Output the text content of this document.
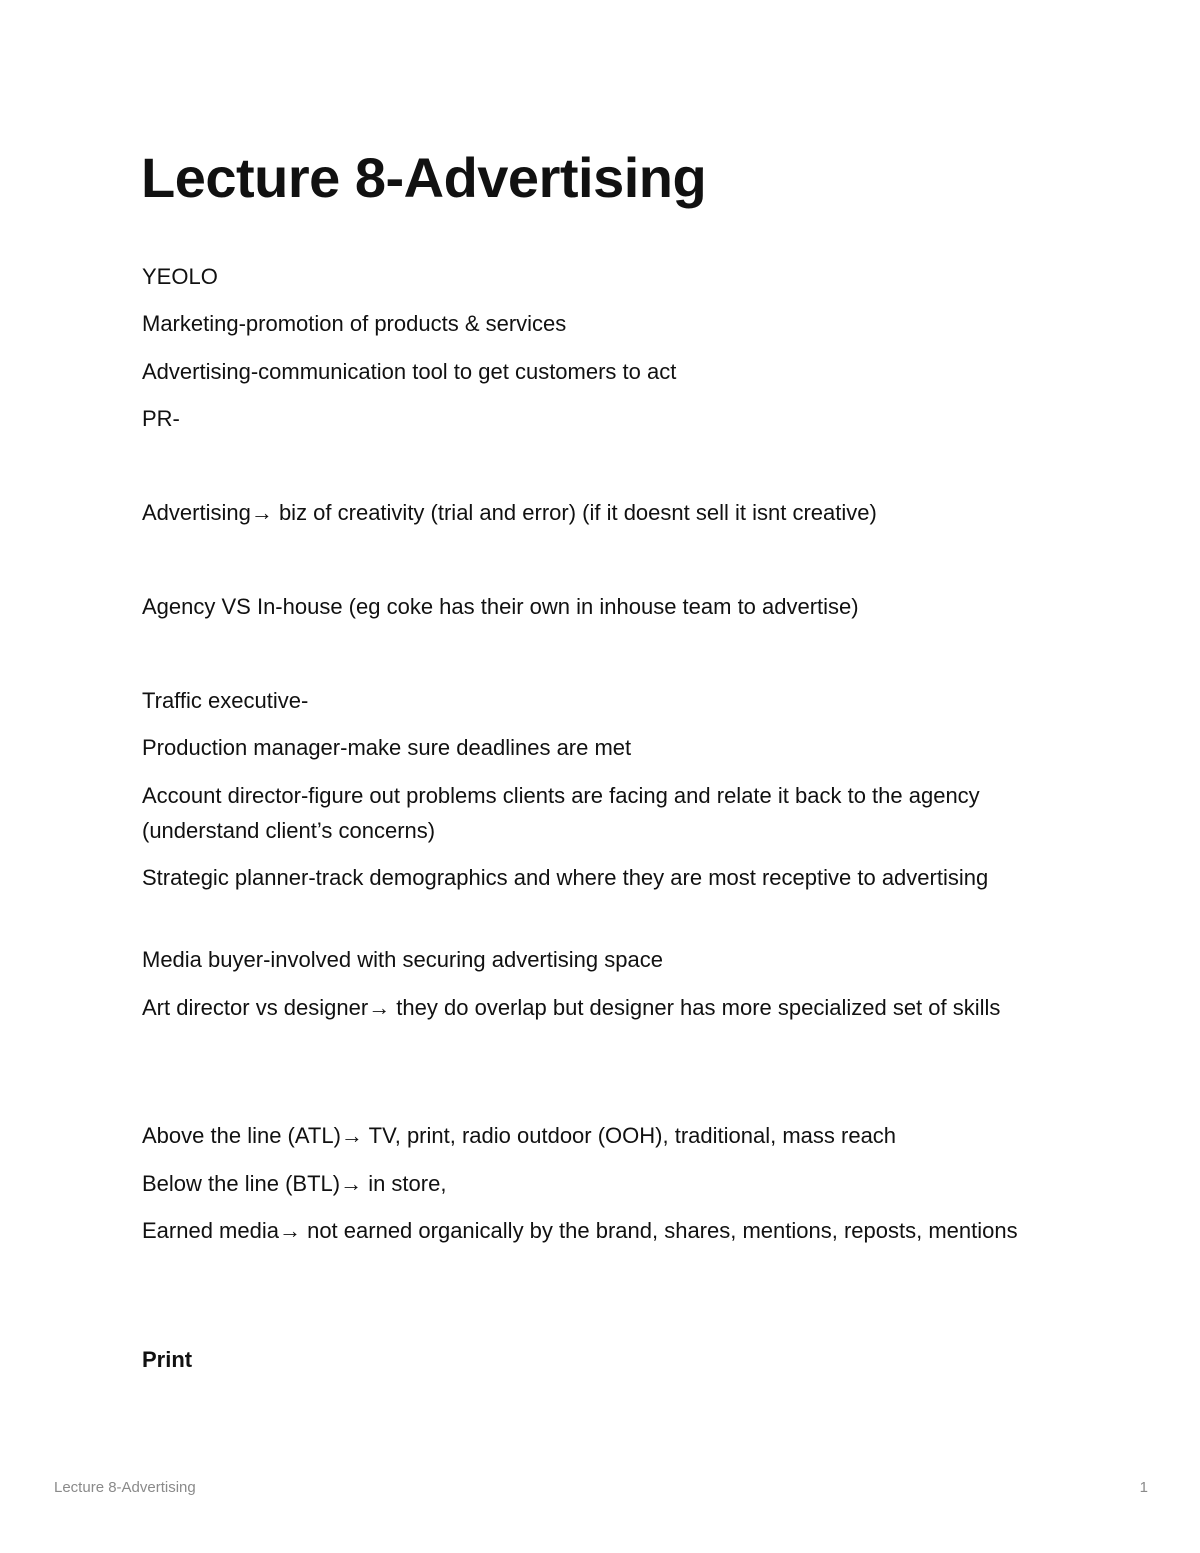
Lecture 8-Advertising

YEOLO

Marketing-promotion of products & services

Advertising-communication tool to get customers to act

PR-

Advertising→ biz of creativity (trial and error) (if it doesnt sell it isnt creative)

Agency VS In-house (eg coke has their own in inhouse team to advertise)

Traffic executive-

Production manager-make sure deadlines are met

Account director-figure out problems clients are facing and relate it back to the agency (understand client’s concerns)

Strategic planner-track demographics and where they are most receptive to advertising

Media buyer-involved with securing advertising space

Art director vs designer→ they do overlap but designer has more specialized set of skills

Above the line (ATL)→ TV, print, radio outdoor (OOH), traditional, mass reach

Below the line (BTL)→ in store,

Earned media→ not earned organically by the brand, shares, mentions, reposts, mentions

Print

Lecture 8-Advertising	1
